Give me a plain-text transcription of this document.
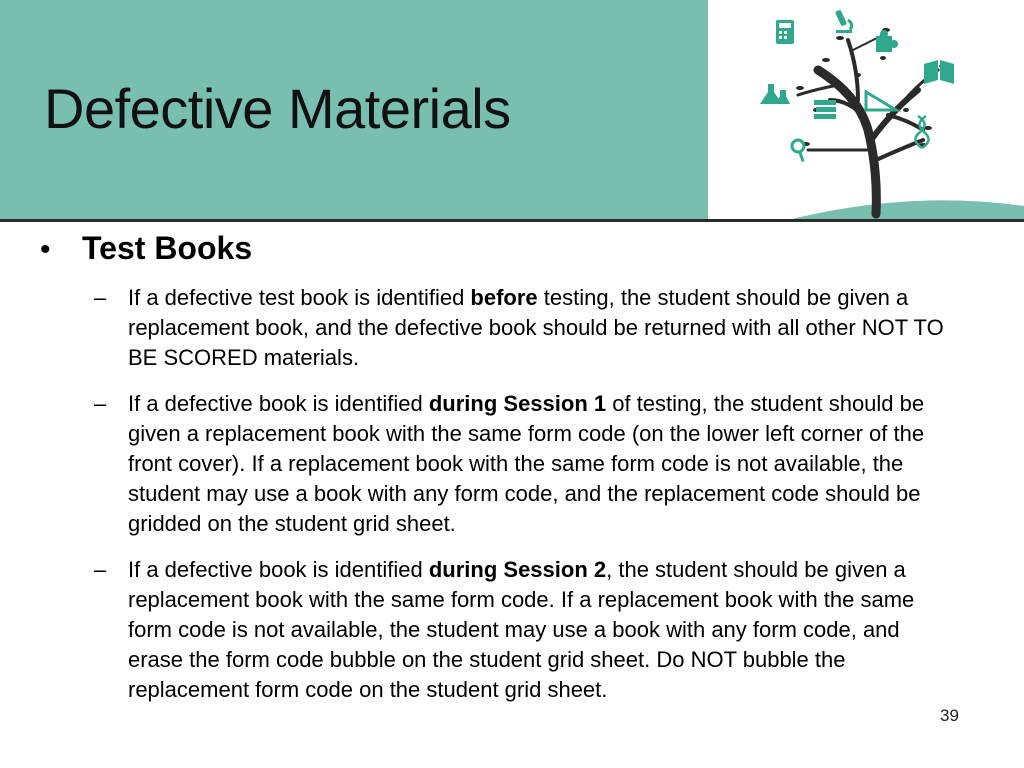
Defective Materials
• Test Books
– If a defective test book is identified before testing, the student should be given a replacement book, and the defective book should be returned with all other NOT TO BE SCORED materials.
– If a defective book is identified during Session 1 of testing, the student should be given a replacement book with the same form code (on the lower left corner of the front cover). If a replacement book with the same form code is not available, the student may use a book with any form code, and the replacement code should be gridded on the student grid sheet.
– If a defective book is identified during Session 2, the student should be given a replacement book with the same form code. If a replacement book with the same form code is not available, the student may use a book with any form code, and erase the form code bubble on the student grid sheet. Do NOT bubble the replacement form code on the student grid sheet.
39
